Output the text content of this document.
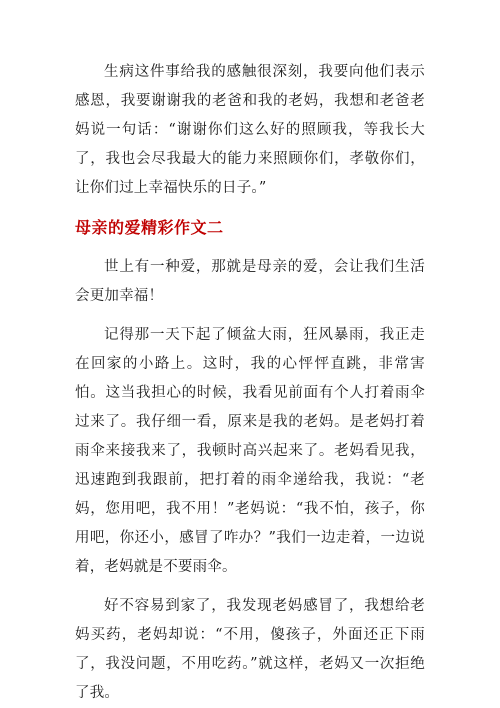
生病这件事给我的感触很深刻，我要向他们表示感恩，我要谢谢我的老爸和我的老妈，我想和老爸老妈说一句话：“谢谢你们这么好的照顾我，等我长大了，我也会尽我最大的能力来照顾你们，孝敬你们，让你们过上幸福快乐的日子。”

母亲的爱精彩作文二

世上有一种爱，那就是母亲的爱，会让我们生活会更加幸福！

记得那一天下起了倾盆大雨，狂风暴雨，我正走在回家的小路上。这时，我的心怦怦直跳，非常害怕。这当我担心的时候，我看见前面有个人打着雨伞过来了。我仔细一看，原来是我的老妈。是老妈打着雨伞来接我来了，我顿时高兴起来了。老妈看见我，迅速跑到我跟前，把打着的雨伞递给我，我说：“老妈，您用吧，我不用！”老妈说：“我不怕，孩子，你用吧，你还小，感冒了咋办？”我们一边走着，一边说着，老妈就是不要雨伞。

好不容易到家了，我发现老妈感冒了，我想给老妈买药，老妈却说：“不用，傻孩子，外面还正下雨了，我没问题，不用吃药。”就这样，老妈又一次拒绝了我。
